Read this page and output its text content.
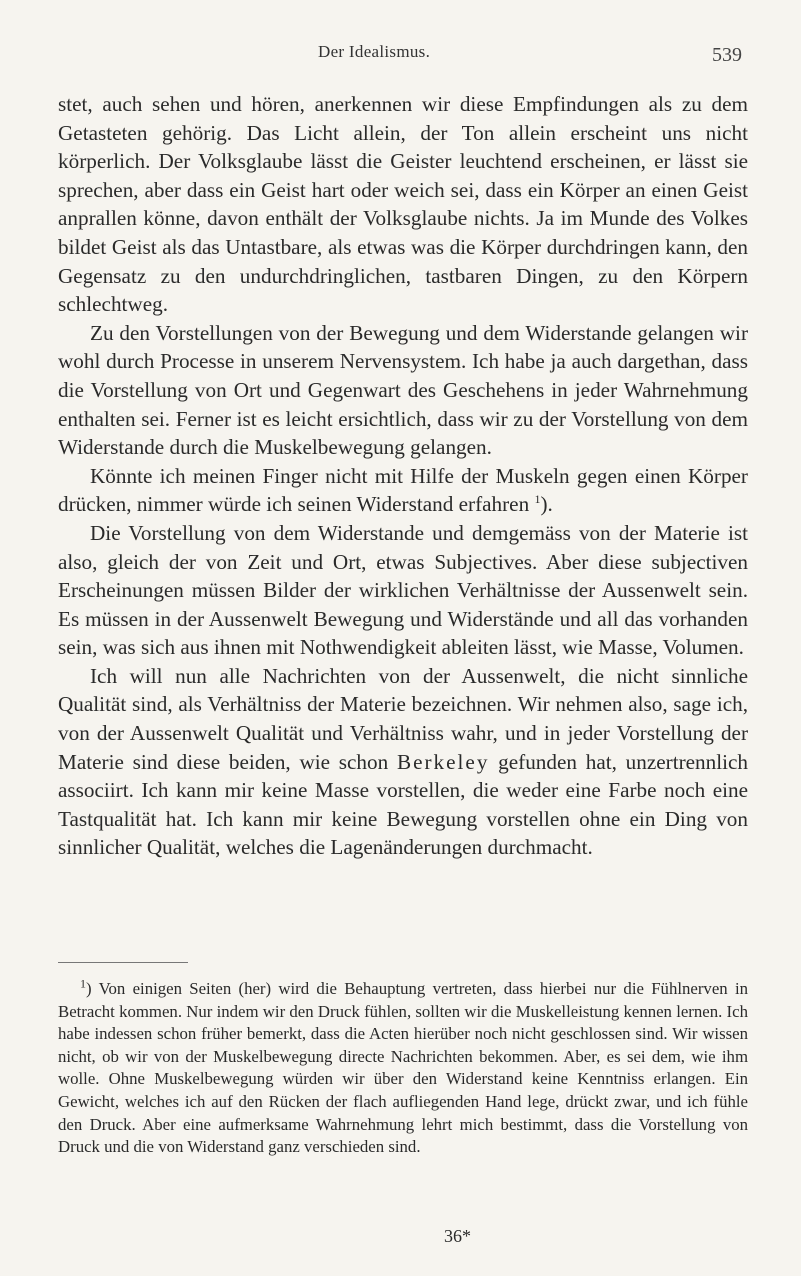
Der Idealismus.	539

stet, auch sehen und hören, anerkennen wir diese Empfindungen als zu dem Getasteten gehörig. Das Licht allein, der Ton allein erscheint uns nicht körperlich. Der Volksglaube lässt die Geister leuchtend erscheinen, er lässt sie sprechen, aber dass ein Geist hart oder weich sei, dass ein Körper an einen Geist anprallen könne, davon enthält der Volksglaube nichts. Ja im Munde des Volkes bildet Geist als das Untastbare, als etwas was die Körper durchdringen kann, den Gegensatz zu den undurchdringlichen, tastbaren Dingen, zu den Körpern schlechtweg.

Zu den Vorstellungen von der Bewegung und dem Widerstande gelangen wir wohl durch Processe in unserem Nervensystem. Ich habe ja auch dargethan, dass die Vorstellung von Ort und Gegenwart des Geschehens in jeder Wahrnehmung enthalten sei. Ferner ist es leicht ersichtlich, dass wir zu der Vorstellung von dem Widerstande durch die Muskelbewegung gelangen.

Könnte ich meinen Finger nicht mit Hilfe der Muskeln gegen einen Körper drücken, nimmer würde ich seinen Widerstand erfahren $^1$).

Die Vorstellung von dem Widerstande und demgemäss von der Materie ist also, gleich der von Zeit und Ort, etwas Subjectives. Aber diese subjectiven Erscheinungen müssen Bilder der wirklichen Verhältnisse der Aussenwelt sein. Es müssen in der Aussenwelt Bewegung und Widerstände und all das vorhanden sein, was sich aus ihnen mit Nothwendigkeit ableiten lässt, wie Masse, Volumen.

Ich will nun alle Nachrichten von der Aussenwelt, die nicht sinnliche Qualität sind, als Verhältniss der Materie bezeichnen. Wir nehmen also, sage ich, von der Aussenwelt Qualität und Verhältniss wahr, und in jeder Vorstellung der Materie sind diese beiden, wie schon Berkeley gefunden hat, unzertrennlich associirt. Ich kann mir keine Masse vorstellen, die weder eine Farbe noch eine Tastqualität hat. Ich kann mir keine Bewegung vorstellen ohne ein Ding von sinnlicher Qualität, welches die Lagenänderungen durchmacht.

$^1$) Von einigen Seiten (her) wird die Behauptung vertreten, dass hierbei nur die Fühlnerven in Betracht kommen. Nur indem wir den Druck fühlen, sollten wir die Muskelleistung kennen lernen. Ich habe indessen schon früher bemerkt, dass die Acten hierüber noch nicht geschlossen sind. Wir wissen nicht, ob wir von der Muskelbewegung directe Nachrichten bekommen. Aber, es sei dem, wie ihm wolle. Ohne Muskelbewegung würden wir über den Widerstand keine Kenntniss erlangen. Ein Gewicht, welches ich auf den Rücken der flach aufliegenden Hand lege, drückt zwar, und ich fühle den Druck. Aber eine aufmerksame Wahrnehmung lehrt mich bestimmt, dass die Vorstellung von Druck und die von Widerstand ganz verschieden sind.

36*
